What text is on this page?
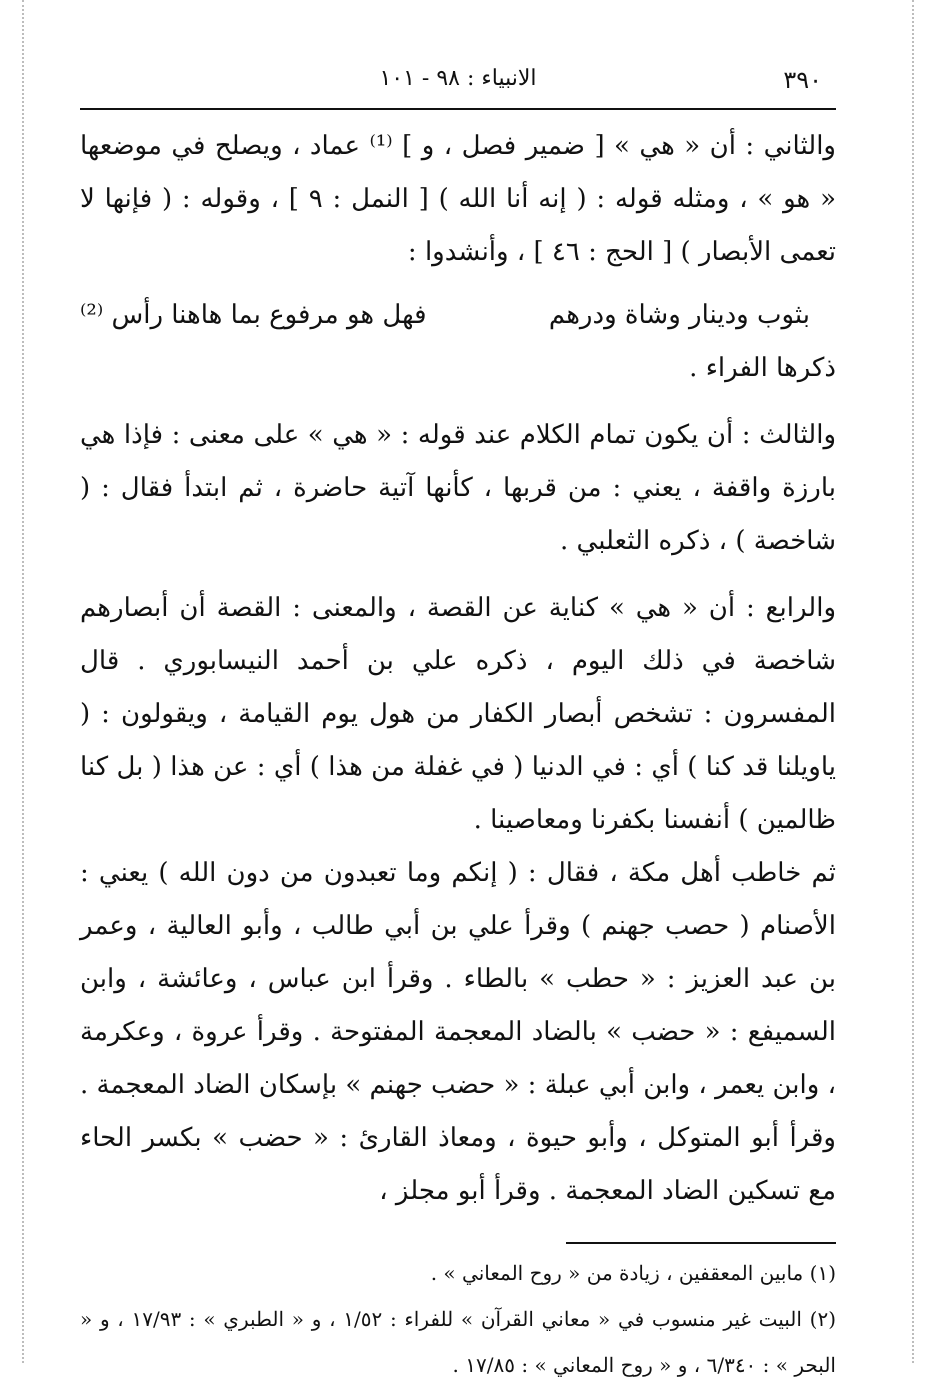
٣٩٠
الانبياء : ٩٨ - ١٠١

والثاني : أن « هي » [ ضمير فصل ، و ] ⁽¹⁾ عماد ، ويصلح في موضعها « هو » ، ومثله قوله : ( إنه أنا الله ) [ النمل : ٩ ] ، وقوله : ( فإنها لا تعمى الأبصار ) [ الحج : ٤٦ ] ، وأنشدوا :

بثوب ودينار وشاة ودرهم
فهل هو مرفوع بما هاهنا رأس ⁽²⁾

ذكرها الفراء .

والثالث : أن يكون تمام الكلام عند قوله : « هي » على معنى : فإذا هي بارزة واقفة ، يعني : من قربها ، كأنها آتية حاضرة ، ثم ابتدأ فقال : ( شاخصة ) ، ذكره الثعلبي .

والرابع : أن « هي » كناية عن القصة ، والمعنى : القصة أن أبصارهم شاخصة في ذلك اليوم ، ذكره علي بن أحمد النيسابوري . قال المفسرون : تشخص أبصار الكفار من هول يوم القيامة ، ويقولون : ( ياويلنا قد كنا ) أي : في الدنيا ( في غفلة من هذا ) أي : عن هذا ( بل كنا ظالمين ) أنفسنا بكفرنا ومعاصينا .

ثم خاطب أهل مكة ، فقال : ( إنكم وما تعبدون من دون الله ) يعني : الأصنام ( حصب جهنم ) وقرأ علي بن أبي طالب ، وأبو العالية ، وعمر بن عبد العزيز : « حطب » بالطاء . وقرأ ابن عباس ، وعائشة ، وابن السميفع : « حضب » بالضاد المعجمة المفتوحة . وقرأ عروة ، وعكرمة ، وابن يعمر ، وابن أبي عبلة : « حضب جهنم » بإسكان الضاد المعجمة . وقرأ أبو المتوكل ، وأبو حيوة ، ومعاذ القارئ : « حضب » بكسر الحاء مع تسكين الضاد المعجمة . وقرأ أبو مجلز ،

(١) مابين المعقفين ، زيادة من « روح المعاني » .

(٢) البيت غير منسوب في « معاني القرآن » للفراء : ١/٥٢ ، و « الطبري » : ١٧/٩٣ ، و « البحر » : ٦/٣٤٠ ، و « روح المعاني » : ١٧/٨٥ .
